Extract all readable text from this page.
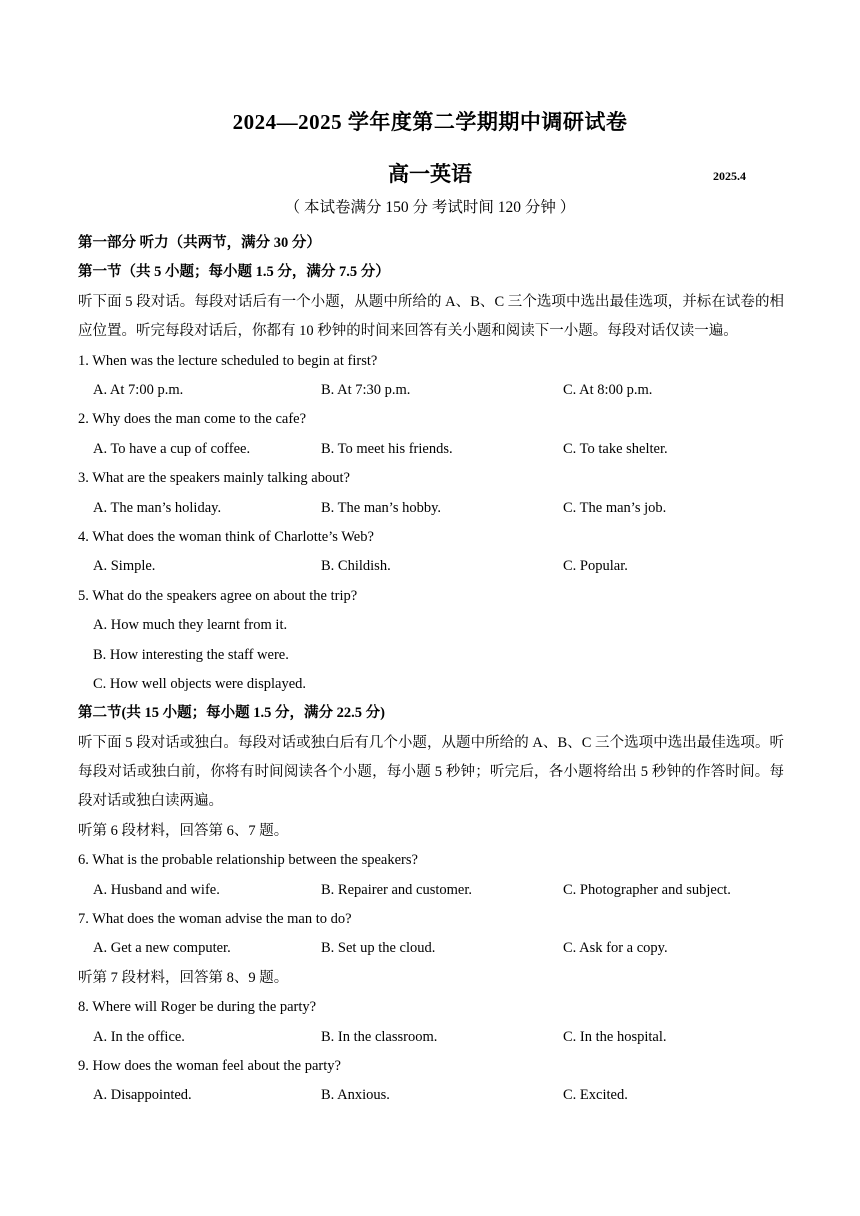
2024—2025 学年度第二学期期中调研试卷
高一英语	2025.4
（ 本试卷满分 150 分 考试时间 120 分钟 ）
第一部分 听力（共两节，满分 30 分）
第一节（共 5 小题；每小题 1.5 分，满分 7.5 分）
听下面 5 段对话。每段对话后有一个小题，从题中所给的 A、B、C 三个选项中选出最佳选项，并标在试卷的相应位置。听完每段对话后，你都有 10 秒钟的时间来回答有关小题和阅读下一小题。每段对话仅读一遍。
1. When was the lecture scheduled to begin at first?
A. At 7:00 p.m.	B. At 7:30 p.m.	C. At 8:00 p.m.
2. Why does the man come to the cafe?
A. To have a cup of coffee.	B. To meet his friends.	C. To take shelter.
3. What are the speakers mainly talking about?
A. The man’s holiday.	B. The man’s hobby.	C. The man’s job.
4. What does the woman think of Charlotte’s Web?
A. Simple.	B. Childish.	C. Popular.
5. What do the speakers agree on about the trip?
A. How much they learnt from it.
B. How interesting the staff were.
C. How well objects were displayed.
第二节(共 15 小题；每小题 1.5 分，满分 22.5 分)
听下面 5 段对话或独白。每段对话或独白后有几个小题，从题中所给的 A、B、C 三个选项中选出最佳选项。听每段对话或独白前，你将有时间阅读各个小题，每小题 5 秒钟；听完后，各小题将给出 5 秒钟的作答时间。每段对话或独白读两遍。
听第 6 段材料，回答第 6、7 题。
6. What is the probable relationship between the speakers?
A. Husband and wife.	B. Repairer and customer.	C. Photographer and subject.
7. What does the woman advise the man to do?
A. Get a new computer.	B. Set up the cloud.	C. Ask for a copy.
听第 7 段材料，回答第 8、9 题。
8. Where will Roger be during the party?
A. In the office.	B. In the classroom.	C. In the hospital.
9. How does the woman feel about the party?
A. Disappointed.	B. Anxious.	C. Excited.
